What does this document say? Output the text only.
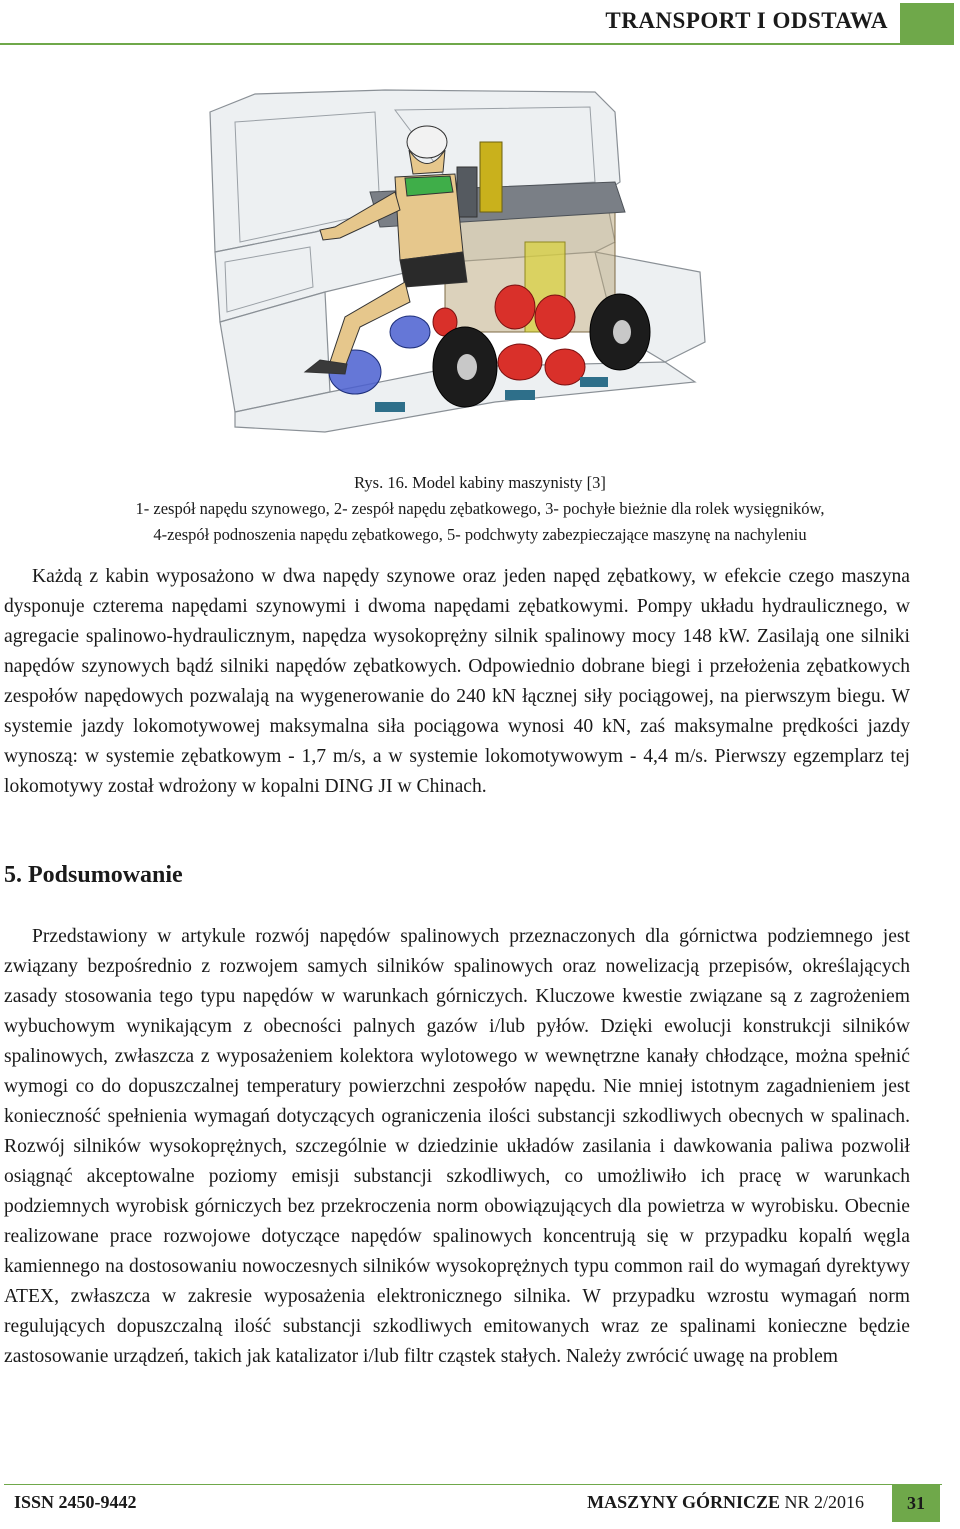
TRANSPORT I ODSTAWA
Rys. 16. Model kabiny maszynisty [3]
1- zespół napędu szynowego, 2- zespół napędu zębatkowego, 3- pochyłe bieżnie dla rolek wysięgników,
4-zespół podnoszenia napędu zębatkowego, 5- podchwyty zabezpieczające maszynę na nachyleniu

Każdą z kabin wyposażono w dwa napędy szynowe oraz jeden napęd zębatkowy, w efekcie czego maszyna dysponuje czterema napędami szynowymi i dwoma napędami zębatkowymi. Pompy układu hydraulicznego, w agregacie spalinowo-hydraulicznym, napędza wysokoprężny silnik spalinowy mocy 148 kW. Zasilają one silniki napędów szynowych bądź silniki napędów zębatkowych. Odpowiednio dobrane biegi i przełożenia zębatkowych zespołów napędowych pozwalają na wygenerowanie do 240 kN łącznej siły pociągowej, na pierwszym biegu. W systemie jazdy lokomotywowej maksymalna siła pociągowa wynosi 40 kN, zaś maksymalne prędkości jazdy wynoszą: w systemie zębatkowym - 1,7 m/s, a w systemie lokomotywowym - 4,4 m/s. Pierwszy egzemplarz tej lokomotywy został wdrożony w kopalni DING JI w Chinach.

5. Podsumowanie

Przedstawiony w artykule rozwój napędów spalinowych przeznaczonych dla górnictwa podziemnego jest związany bezpośrednio z rozwojem samych silników spalinowych oraz nowelizacją przepisów, określających zasady stosowania tego typu napędów w warunkach górniczych. Kluczowe kwestie związane są z zagrożeniem wybuchowym wynikającym z obecności palnych gazów i/lub pyłów. Dzięki ewolucji konstrukcji silników spalinowych, zwłaszcza z wyposażeniem kolektora wylotowego w wewnętrzne kanały chłodzące, można spełnić wymogi co do dopuszczalnej temperatury powierzchni zespołów napędu. Nie mniej istotnym zagadnieniem jest konieczność spełnienia wymagań dotyczących ograniczenia ilości substancji szkodliwych obecnych w spalinach. Rozwój silników wysokoprężnych, szczególnie w dziedzinie układów zasilania i dawkowania paliwa pozwolił osiągnąć akceptowalne poziomy emisji substancji szkodliwych, co umożliwiło ich pracę w warunkach podziemnych wyrobisk górniczych bez przekroczenia norm obowiązujących dla powietrza w wyrobisku. Obecnie realizowane prace rozwojowe dotyczące napędów spalinowych koncentrują się w przypadku kopalń węgla kamiennego na dostosowaniu nowoczesnych silników wysokoprężnych typu common rail do wymagań dyrektywy ATEX, zwłaszcza w zakresie wyposażenia elektronicznego silnika. W przypadku wzrostu wymagań norm regulujących dopuszczalną ilość substancji szkodliwych emitowanych wraz ze spalinami konieczne będzie zastosowanie urządzeń, takich jak katalizator i/lub filtr cząstek stałych. Należy zwrócić uwagę na problem

ISSN 2450-9442	MASZYNY GÓRNICZE NR 2/2016	31
